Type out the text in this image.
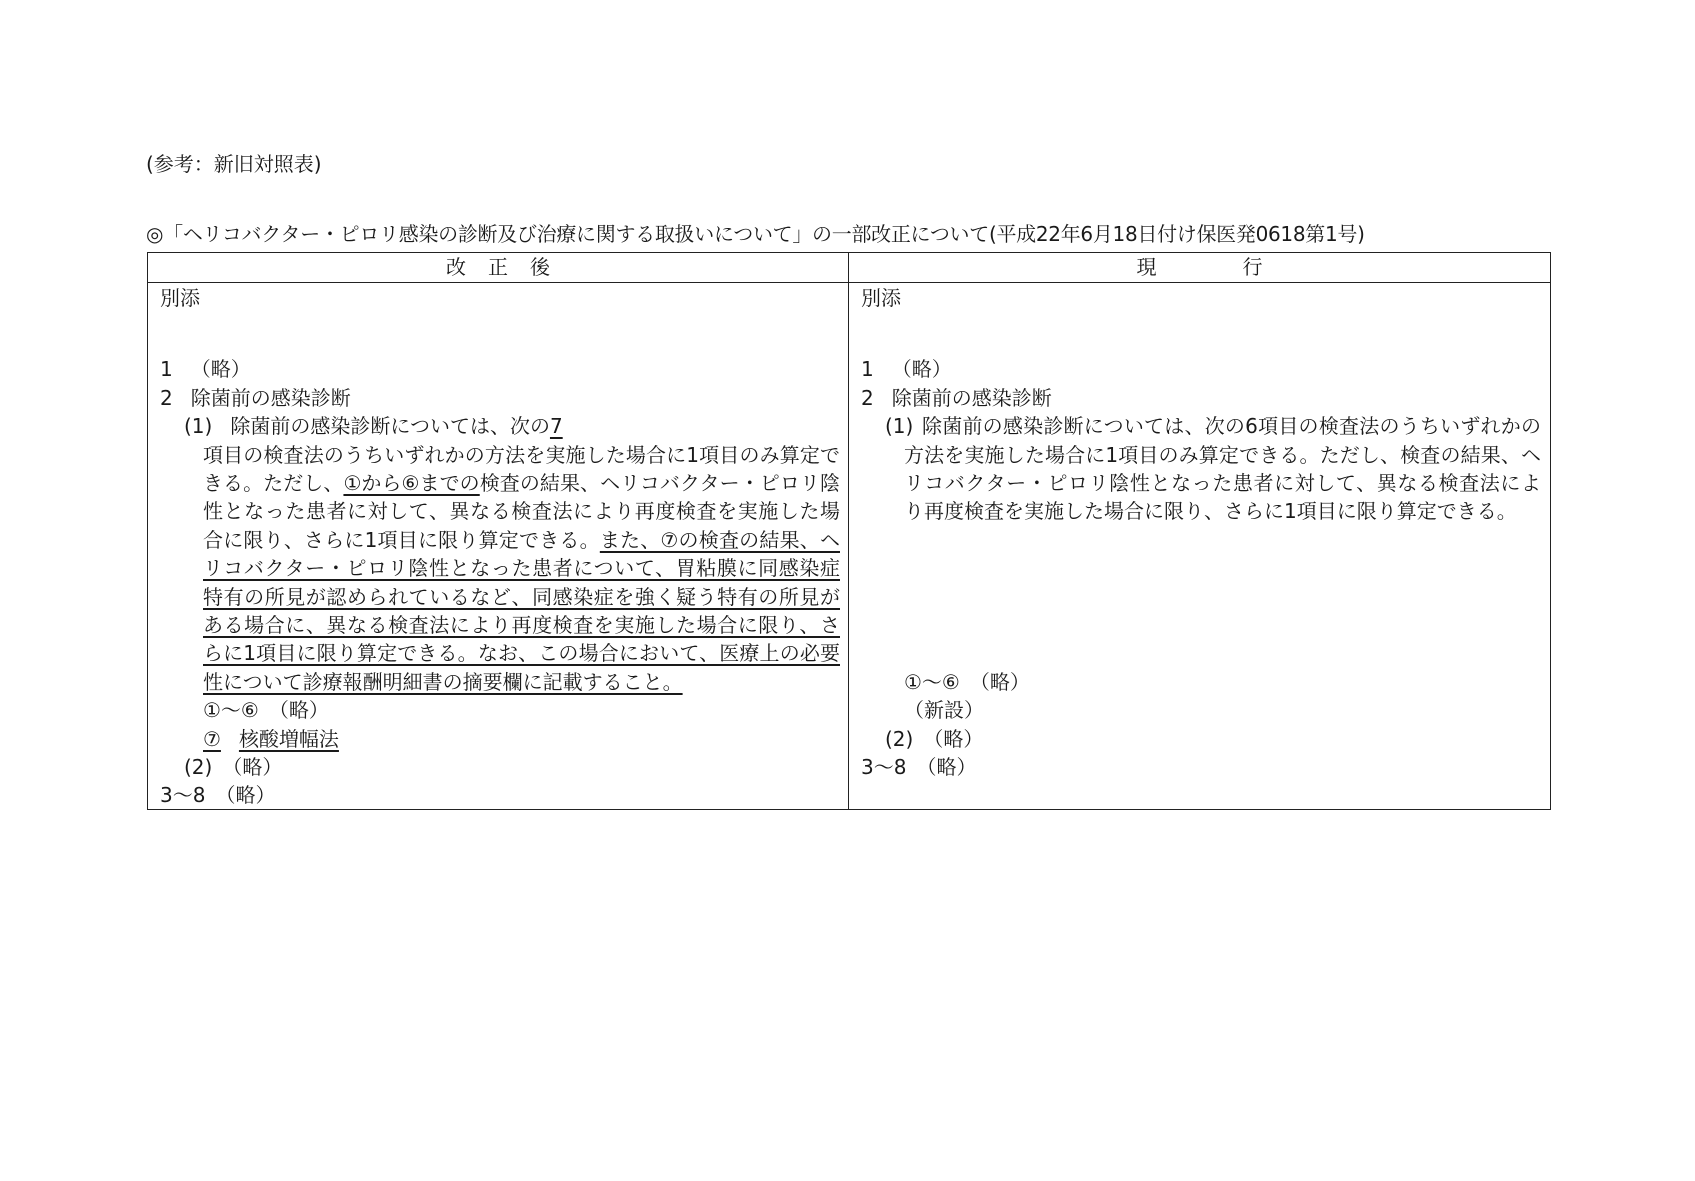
(参考：新旧対照表)
◎「ヘリコバクター・ピロリ感染の診断及び治療に関する取扱いについて」の一部改正について(平成22年6月18日付け保医発0618第1号)
改正後	現行
別添
1 （略）
2 除菌前の感染診断
(1) 除菌前の感染診断については、次の7
項目の検査法のうちいずれかの方法を実施した場合に1項目のみ算定できる。ただし、①から⑥までの検査の結果、ヘリコバクター・ピロリ陰性となった患者に対して、異なる検査法により再度検査を実施した場合に限り、さらに1項目に限り算定できる。また、⑦の検査の結果、ヘリコバクター・ピロリ陰性となった患者について、胃粘膜に同感染症特有の所見が認められているなど、同感染症を強く疑う特有の所見がある場合に、異なる検査法により再度検査を実施した場合に限り、さらに1項目に限り算定できる。なお、この場合において、医療上の必要性について診療報酬明細書の摘要欄に記載すること。
①～⑥　（略）
⑦ 核酸増幅法
(2)　（略）
3～8　（略）
別添
1 （略）
2 除菌前の感染診断
(1) 除菌前の感染診断については、次の6項目の検査法のうちいずれかの方法を実施した場合に1項目のみ算定できる。ただし、検査の結果、ヘリコバクター・ピロリ陰性となった患者に対して、異なる検査法により再度検査を実施した場合に限り、さらに1項目に限り算定できる。
①～⑥　（略）
（新設）
(2)　（略）
3～8　（略）
